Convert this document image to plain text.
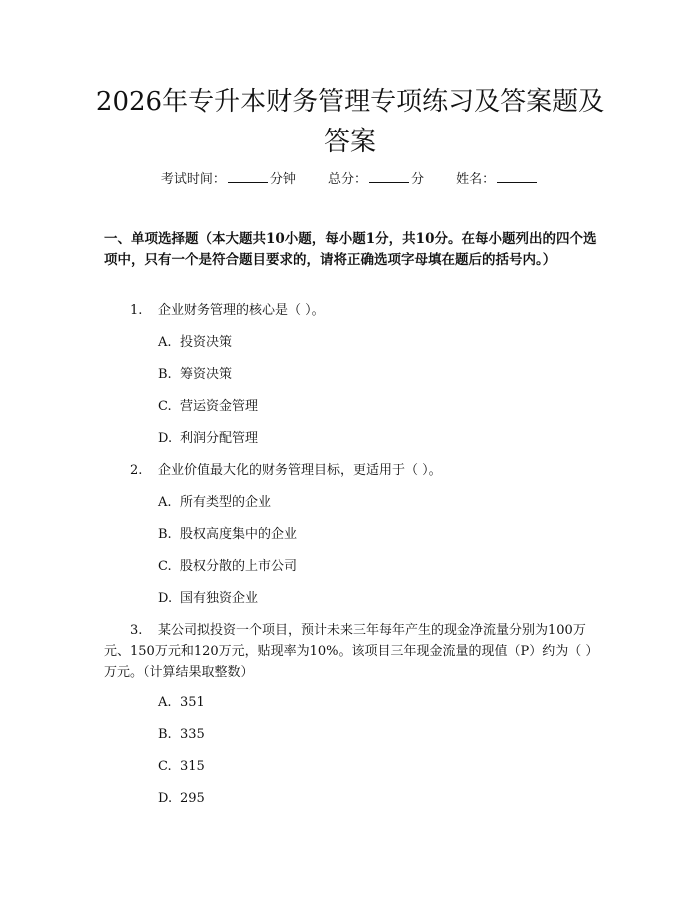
2026年专升本财务管理专项练习及答案题及答案
考试时间：	分钟 总分：	分 姓名：

一、单项选择题（本大题共10小题，每小题1分，共10分。在每小题列出的四个选项中，只有一个是符合题目要求的，请将正确选项字母填在题后的括号内。）

1. 企业财务管理的核心是（ ）。

A. 投资决策
B. 筹资决策
C. 营运资金管理
D. 利润分配管理

2. 企业价值最大化的财务管理目标，更适用于（ ）。

A. 所有类型的企业
B. 股权高度集中的企业
C. 股权分散的上市公司
D. 国有独资企业

3. 某公司拟投资一个项目，预计未来三年每年产生的现金净流量分别为100万元、150万元和120万元，贴现率为10%。该项目三年现金流量的现值（P）约为（ ）万元。（计算结果取整数）

A. 351
B. 335
C. 315
D. 295
